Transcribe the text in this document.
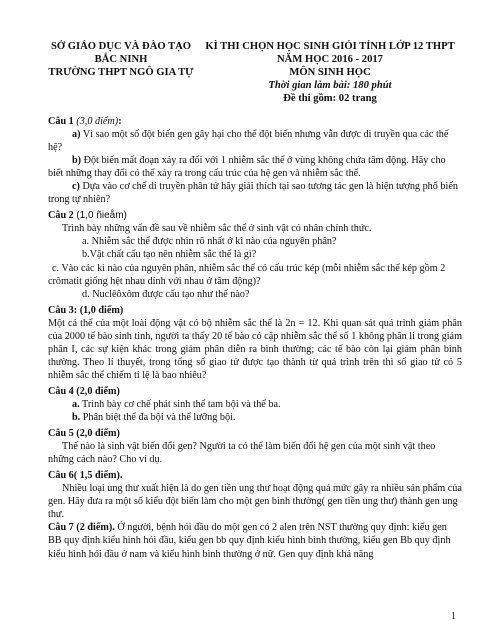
SỞ GIÁO DỤC VÀ ĐÀO TẠO
BẮC NINH
TRƯỜNG THPT NGÔ GIA TỰ
KÌ THI CHỌN HỌC SINH GIỎI TỈNH LỚP 12 THPT
NĂM HỌC 2016 - 2017
MÔN SINH HỌC
Thời gian làm bài: 180 phút
Đề thi gồm: 02 trang

Câu 1 (3,0 điểm):

a) Vì sao một số đột biến gen gây hại cho thể đột biến nhưng vẫn được di truyền qua các thế hệ?

b) Đột biến mất đoạn xảy ra đối với 1 nhiễm sắc thể ở vùng không chứa tâm động. Hãy cho biết những thay đổi có thể xảy ra trong cấu trúc của hệ gen và nhiễm sắc thể.

c) Dựa vào cơ chế di truyền phân tử hãy giải thích tại sao tương tác gen là hiện tượng phổ biến trong tự nhiên?

Câu 2 (1,0 ñieåm)

Trình bày những vấn đề sau về nhiễm sắc thể ở sinh vật có nhân chính thức.

a. Nhiễm sắc thể được nhìn rõ nhất ở kì nào của nguyên phân?

b.Vật chất cấu tạo nên nhiễm sắc thể là gì?

c. Vào các kì nào của nguyên phân, nhiễm sắc thể có cấu trúc kép (mỗi nhiễm sắc thể kép gồm 2 crômatit giống hệt nhau dính với nhau ở tâm động)?

d. Nuclêôxôm được cấu tạo như thế nào?

Câu 3: (1,0 điểm)

Một cá thể của một loài động vật có bộ nhiễm sắc thể là 2n = 12. Khi quan sát quá trình giảm phân của 2000 tế bào sinh tinh, người ta thấy 20 tế bào có cặp nhiễm sắc thể số 1 không phân li trong giảm phân I, các sự kiện khác trong giảm phân diễn ra bình thường; các tế bào còn lại giảm phân bình thường. Theo lí thuyết, trong tổng số giao tử được tạo thành từ quá trình trên thì số giao tử có 5 nhiễm sắc thể chiếm tỉ lệ là bao nhiêu?

Câu 4 (2,0 điểm)

a. Trình bày cơ chế phát sinh thể tam bội và thể ba.

b. Phân biệt thể đa bội và thể lưỡng bội.

Câu 5 (2,0 điểm)

Thế nào là sinh vật biến đổi gen? Người ta có thể làm biến đổi hệ gen của một sinh vật theo những cách nào? Cho ví dụ.

Câu 6( 1,5 điểm).

Nhiều loại ung thư xuất hiện là do gen tiền ung thư hoạt động quá mức gây ra nhiều sản phẩm của gen. Hãy đưa ra một số kiểu đột biến làm cho một gen bình thường( gen tiền ung thư) thành gen ung thư.

Câu 7 (2 điểm). Ở người, bệnh hói đầu do một gen có 2 alen trên NST thường quy định: kiểu gen BB quy định kiểu hình hói đầu, kiểu gen bb quy định kiểu hình bình thường, kiểu gen Bb quy định kiểu hình hói đầu ở nam và kiểu hình bình thường ở nữ. Gen quy định khả năng

1
